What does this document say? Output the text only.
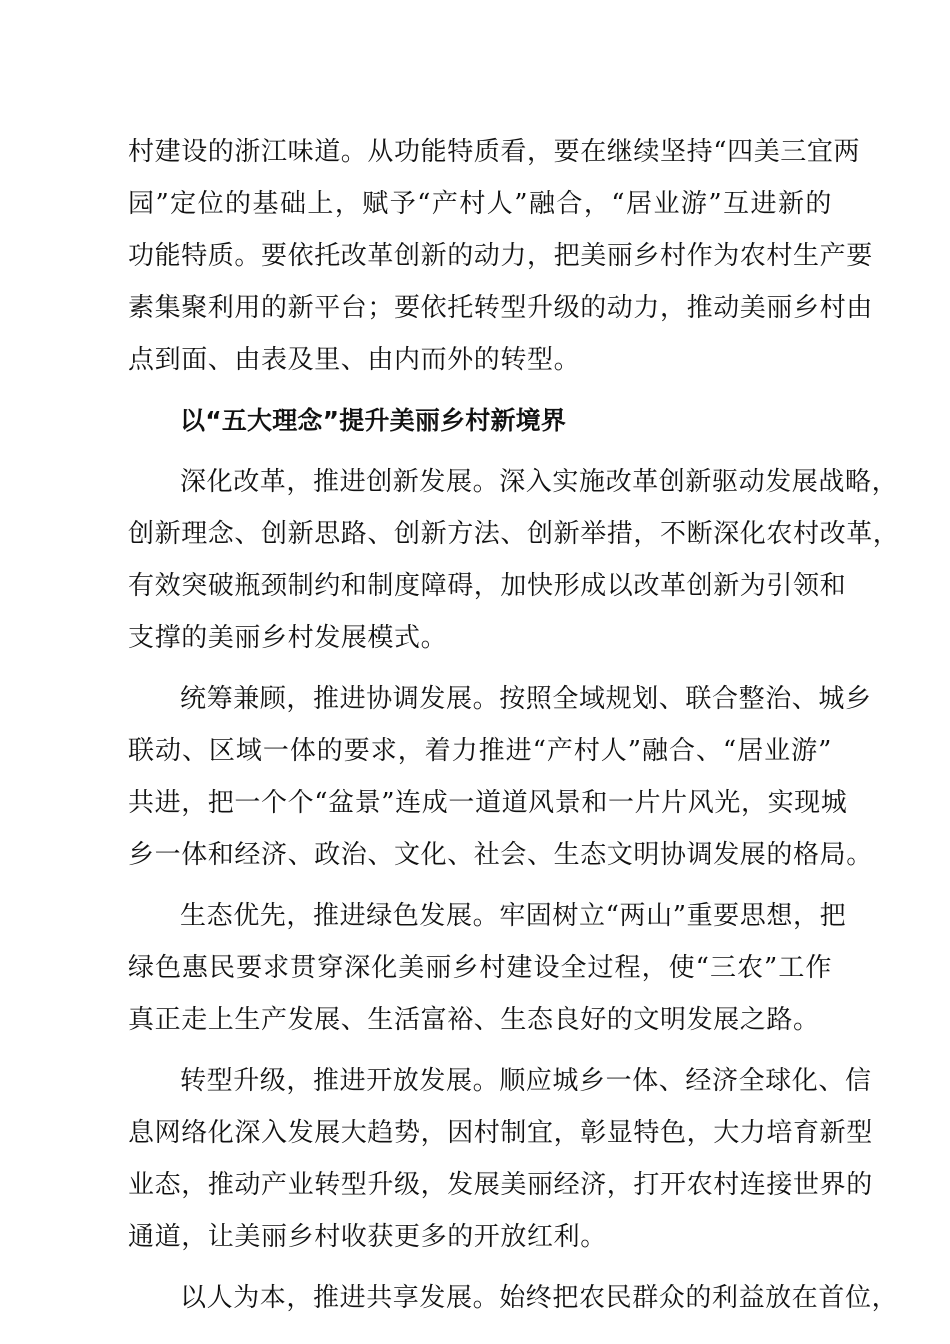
村建设的浙江味道。从功能特质看，要在继续坚持“四美三宜两
园”定位的基础上，赋予“产村人”融合，“居业游”互进新的
功能特质。要依托改革创新的动力，把美丽乡村作为农村生产要
素集聚利用的新平台；要依托转型升级的动力，推动美丽乡村由
点到面、由表及里、由内而外的转型。
以“五大理念”提升美丽乡村新境界
深化改革，推进创新发展。深入实施改革创新驱动发展战略，
创新理念、创新思路、创新方法、创新举措，不断深化农村改革，
有效突破瓶颈制约和制度障碍，加快形成以改革创新为引领和
支撑的美丽乡村发展模式。
统筹兼顾，推进协调发展。按照全域规划、联合整治、城乡
联动、区域一体的要求，着力推进“产村人”融合、“居业游”
共进，把一个个“盆景”连成一道道风景和一片片风光，实现城
乡一体和经济、政治、文化、社会、生态文明协调发展的格局。
生态优先，推进绿色发展。牢固树立“两山”重要思想，把
绿色惠民要求贯穿深化美丽乡村建设全过程，使“三农”工作
真正走上生产发展、生活富裕、生态良好的文明发展之路。
转型升级，推进开放发展。顺应城乡一体、经济全球化、信
息网络化深入发展大趋势，因村制宜，彰显特色，大力培育新型
业态，推动产业转型升级，发展美丽经济，打开农村连接世界的
通道，让美丽乡村收获更多的开放红利。
以人为本，推进共享发展。始终把农民群众的利益放在首位，
